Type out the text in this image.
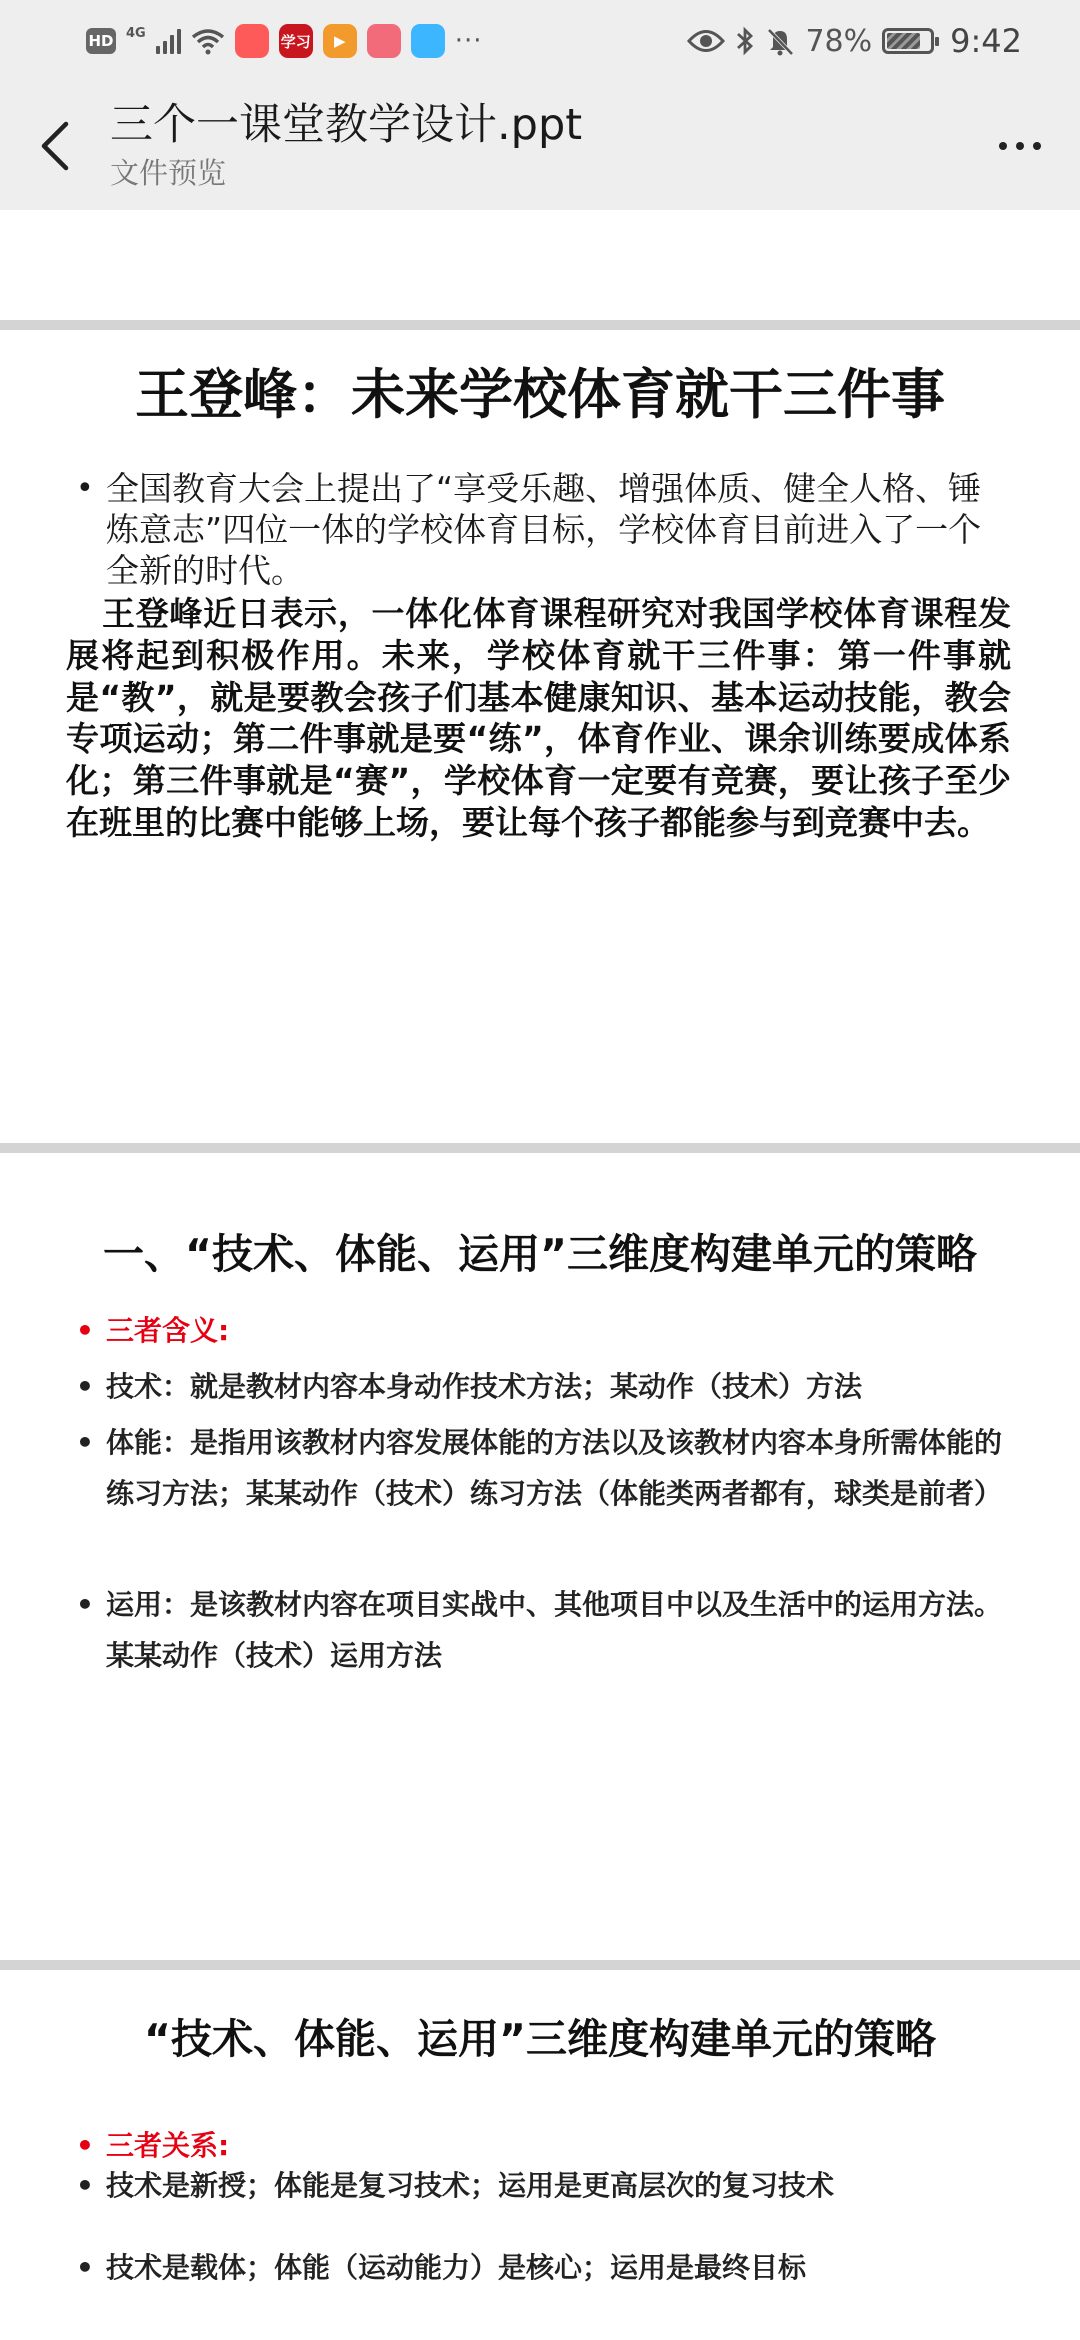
HD 4G	学习	▶	···	78% 9:42
三个一课堂教学设计.ppt
文件预览
王登峰：未来学校体育就干三件事
• 全国教育大会上提出了“享受乐趣、增强体质、健全人格、锤炼意志”四位一体的学校体育目标，学校体育目前进入了一个全新的时代。
王登峰近日表示，一体化体育课程研究对我国学校体育课程发展将起到积极作用。未来，学校体育就干三件事：第一件事就是“教”，就是要教会孩子们基本健康知识、基本运动技能，教会专项运动；第二件事就是要“练”，体育作业、课余训练要成体系化；第三件事就是“赛”，学校体育一定要有竞赛，要让孩子至少在班里的比赛中能够上场，要让每个孩子都能参与到竞赛中去。
一、“技术、体能、运用”三维度构建单元的策略
• 三者含义:
• 技术：就是教材内容本身动作技术方法；某动作（技术）方法
• 体能：是指用该教材内容发展体能的方法以及该教材内容本身所需体能的练习方法；某某动作（技术）练习方法（体能类两者都有，球类是前者）
• 运用：是该教材内容在项目实战中、其他项目中以及生活中的运用方法。某某动作（技术）运用方法
“技术、体能、运用”三维度构建单元的策略
• 三者关系:
• 技术是新授；体能是复习技术；运用是更高层次的复习技术
• 技术是载体；体能（运动能力）是核心；运用是最终目标
